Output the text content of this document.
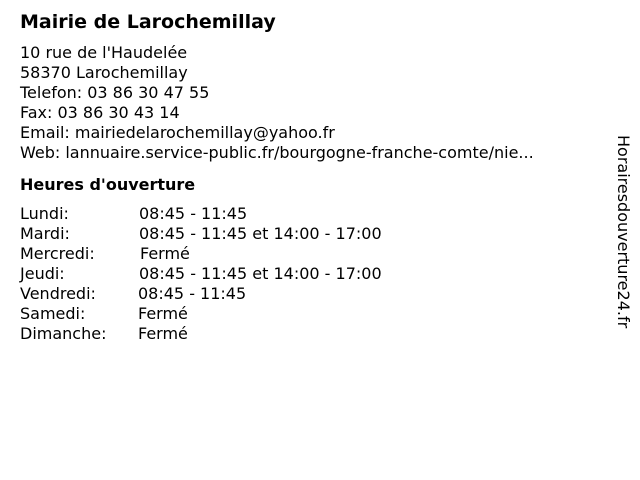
Mairie de Larochemillay
10 rue de l'Haudelée
58370 Larochemillay
Telefon: 03 86 30 47 55
Fax: 03 86 30 43 14
Email: mairiedelarochemillay@yahoo.fr
Web: lannuaire.service-public.fr/bourgogne-franche-comte/nie...
Heures d'ouverture
Lundi:	08:45 - 11:45
Mardi:	08:45 - 11:45 et 14:00 - 17:00
Mercredi:	Fermé
Jeudi:	08:45 - 11:45 et 14:00 - 17:00
Vendredi:	08:45 - 11:45
Samedi:	Fermé
Dimanche: Fermé
Horairesdouverture24.fr
